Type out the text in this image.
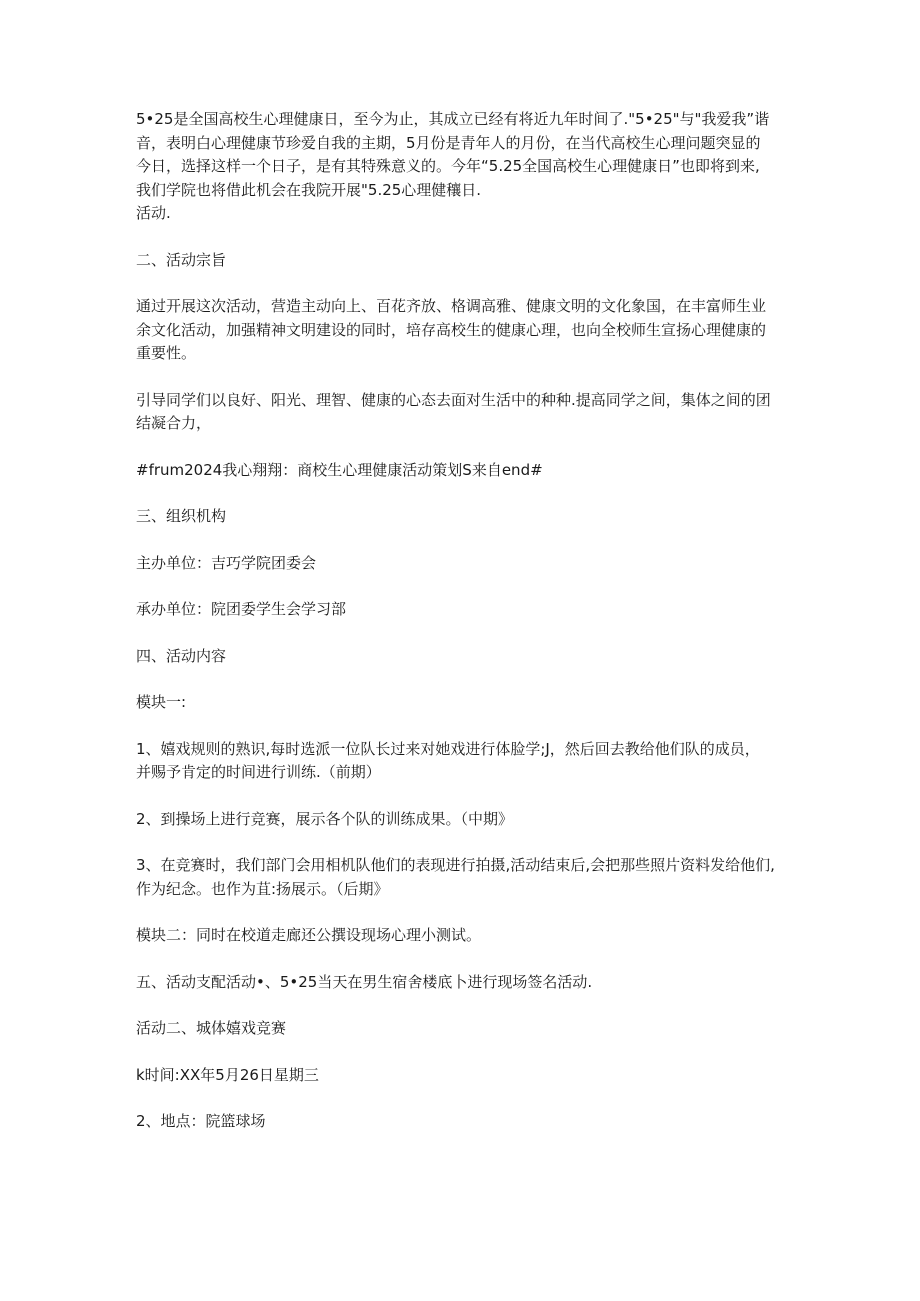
5•25是全国高校生心理健康日，至今为止，其成立已经有将近九年时间了."5•25"与"我爱我”谐

音，表明白心理健康节珍爱自我的主期，5月份是青年人的月份，在当代高校生心理问题突显的

今日，选择这样一个日子，是有其特殊意义的。今年“5.25全国高校生心理健康日”也即将到来,

我们学院也将借此机会在我院开展"5.25心理健穰日.

活动.

二、活动宗旨

通过开展这次活动，营造主动向上、百花齐放、格调高雅、健康文明的文化象国，在丰富师生业

余文化活动，加强精神文明建设的同时，培存高校生的健康心理，也向全校师生宣扬心理健康的

重要性。

引导同学们以良好、阳光、理智、健康的心态去面对生活中的种种.提高同学之间，集体之间的团

结凝合力，

#frum2024我心翔翔：商校生心理健康活动策划S来自end#

三、组织机构

主办单位：吉巧学院团委会

承办单位：院团委学生会学习部

四、活动内容

模块一:

1、嬉戏规则的熟识,每时选派一位队长过来对她戏进行体脸学;J，然后回去教给他们队的成员，

并赐予肯定的时间进行训练.（前期）

2、到操场上进行竞赛，展示各个队的训练成果。（中期》

3、在竞赛时，我们部门会用相机队他们的表现进行拍摄,活动结束后,会把那些照片资料发给他们,

作为纪念。也作为苴:扬展示。（后期》

模块二：同时在校道走廊还公撰设现场心理小测试。

五、活动支配活动•、5•25当天在男生宿舍楼底卜进行现场签名活动.

活动二、城体嬉戏竞赛

k时间:XX年5月26日星期三

2、地点：院篮球场
